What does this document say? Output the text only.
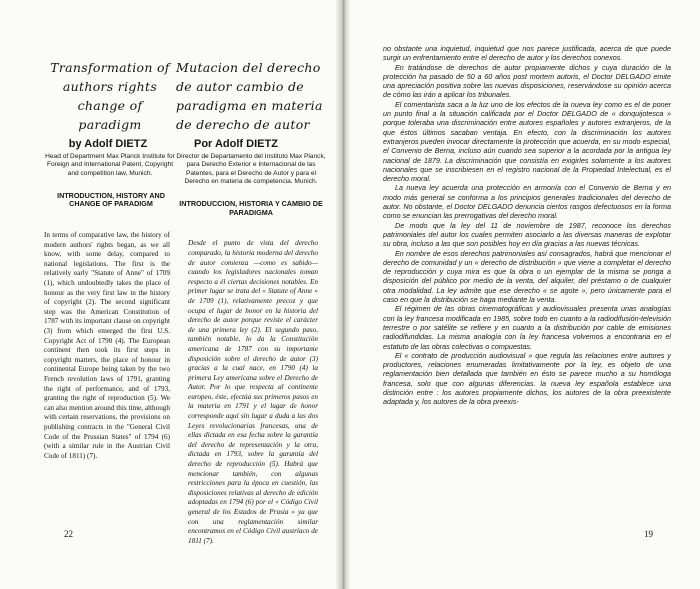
Transformation of authors rights change of paradigm
by Adolf DIETZ
Head of Department Max Planck Institute for Foreign and International Patent, Copyright and competition law, Munich.
INTRODUCTION, HISTORY AND CHANGE OF PARADIGM

In terms of comparative law, the history of modern authors' rights began, as we all know, with some delay, compared to national legislations. The first is the relatively early "Statute of Anne" of 1709 (1), which undoubtedly takes the place of honour as the very first law in the history of copyright (2). The second significant step was the American Constitution of 1787 with its important clause on copyright (3) from which emerged the first U.S. Copyright Act of 1790 (4). The European continent then took its first steps in copyright matters, the place of honour in continental Europe being taken by the two French revolution laws of 1791, granting the right of performance, and of 1793, granting the right of reproduction (5). We can also mention around this time, although with certain reservations, the provisions on publishing contracts in the "General Civil Code of the Prussian States" of 1794 (6) (with a similar rule in the Austrian Civil Code of 1811) (7).

Mutacion del derecho de autor cambio de paradigma en materia de derecho de autor
Por Adolf DIETZ
Director de Departamento del Instituto Max Planck, para Derecho Exterior e Internacional de las Patentes, para el Derecho de Autor y para el Derecho en materia de competencia. Munich.
INTRODUCCION, HISTORIA Y CAMBIO DE PARADIGMA

Desde el punto de vista del derecho comparado, la historia moderna del derecho de autor comienza —como es sabido— cuando los legisladores nacionales toman respecto a él ciertas decisiones notables. En primer lugar se trata del « Statute of Anne » de 1709 (1), relativamente precoz y que ocupa el lugar de honor en la historia del derecho de autor porque reviste el carácter de una primera ley (2). El segundo paso, también notable, lo da la Constitución americana de 1787 con su importante disposición sobre el derecho de autor (3) gracias a la cual nace, en 1790 (4) la primera Ley americana sobre el Derecho de Autor. Por lo que respecta al continente europeo, éste, efectúa sus primeros pasos en la materia en 1791 y el lugar de honor corresponde aquí sin lugar a duda a las dos Leyes revolucionarias francesas, una de ellas dictada en esa fecha sobre la garantía del derecho de representación y la otra, dictada en 1793, sobre la garantía del derecho de reproducción (5). Habrá que mencionar también, con algunas restricciones para la época en cuestión, las disposiciones relativas al derecho de edición adoptadas en 1794 (6) por el « Código Civil general de los Estados de Prusia » ya que con una reglamentación similar encontramos en el Código Civil austríaco de 1811 (7).

22

no obstante una inquietud, inquietud que nos parece justificada, acerca de que puede surgir un enfrentamiento entre el derecho de autor y los derechos conexos.

En tratándose de derechos de autor propiamente dichos y cuya duración de la protección ha pasado de 50 a 60 años post mortem autoris, el Doctor DELGADO emite una apreciación positiva sobre las nuevas disposiciones, reservándose su opinión acerca de cómo las irán a aplicar los tribunales.

El comentarista saca a la luz uno de los efectos de la nueva ley como es el de poner un punto final a la situación calificada por el Doctor DELGADO de « donquijotesca » porque toleraba una discriminación entre autores españoles y autores extranjeros, de la que éstos últimos sacaban ventaja. En efecto, con la discriminación los autores extranjeros pueden invocar directamente la protección que acuerda, en su modo especial, el Convenio de Berna, incluso aún cuando sea superior a la acordada por la antigua ley nacional de 1879. La discriminación que consistía en exigirles solamente a los autores nacionales que se inscribiesen en el registro nacional de la Propiedad Intelectual, es el derecho moral.

La nueva ley acuerda una protección en armonía con el Convenio de Berna y en modo más general se conforma a los principios generales tradicionales del derecho de autor. No obstante, el Doctor DELGADO denuncia ciertos rasgos defectuosos en la forma como se enuncian las prerrogativas del derecho moral.

De modo que la ley del 11 de noviembre de 1987, reconoce los derechos patrimoniales del autor los cuales permiten asociarlo a las diversas maneras de explotar su obra, incluso a las que son posibles hoy en día gracias a las nuevas técnicas.

En nombre de esos derechos patrimoniales así consagrados, habrá que mencionar el derecho de comunidad y un « derecho de distribución » que viene a completar el derecho de reproducción y cuya mira es que la obra o un ejemplar de la misma se ponga a disposición del público por medio de la venta, del alquiler, del préstamo o de cualquier otra modalidad. La ley admite que ese derecho « se agote », pero únicamente para el caso en que la distribución se haga mediante la venta.

El régimen de las obras cinematográficas y audiovisuales presenta unas analogías con la ley francesa modificada en 1985, sobre todo en cuanto a la radiodifusión-televisión terrestre o por satélite se refiere y en cuanto a la distribución por cable de emisiones radiodifundidas. La misma analogía con la ley francesa volvemos a encontraria en el estatuto de las obras colectivas o compuestas.

El « contrato de producción audiovisual » que regula las relaciones entre autores y productores, relaciones enumeradas limitativamente por la ley, es objeto de una reglamentación bien detallada que también en ésto se parece mucho a su homóloga francesa, solo que con algunas diferencias. la nueva ley española establece una distinción entre : los autores propiamente dichos, los autores de la obra preexistente adaptada y, los autores de la obra preexis-

19
